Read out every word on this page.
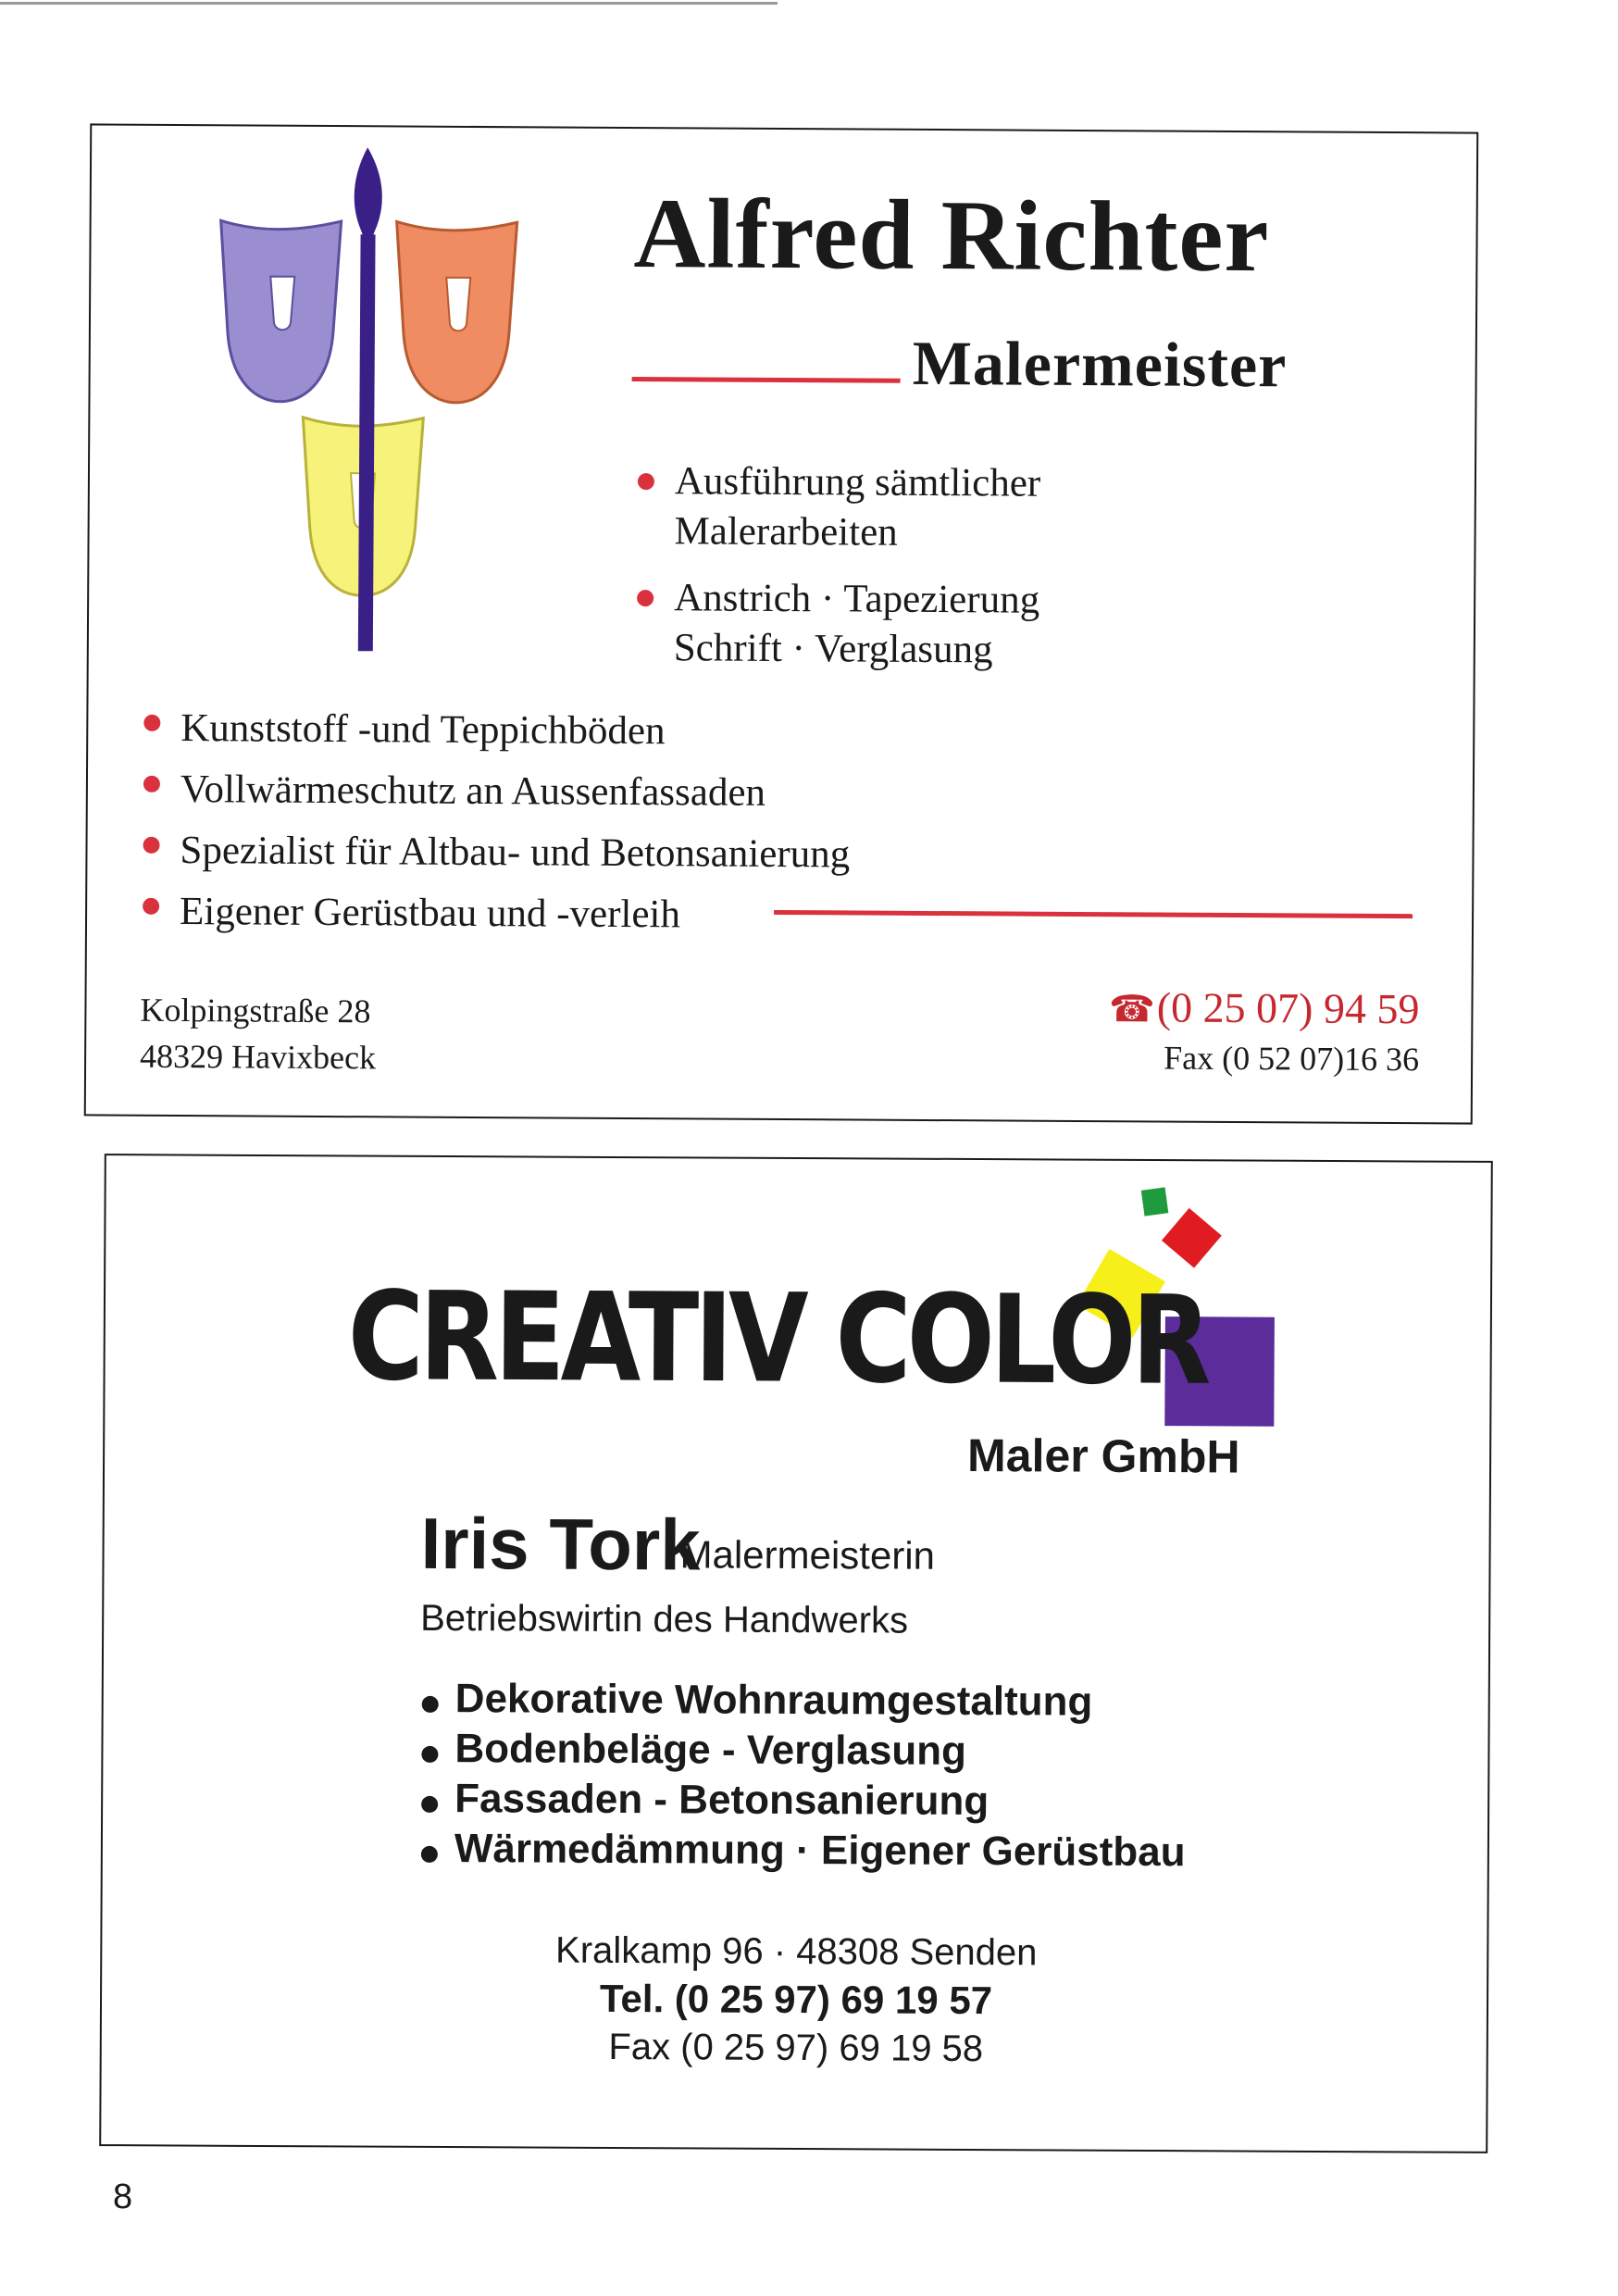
Alfred Richter
Malermeister
Ausführung sämtlicher
Malerarbeiten
Anstrich · Tapezierung
Schrift · Verglasung
Kunststoff -und Teppichböden
Vollwärmeschutz an Aussenfassaden
Spezialist für Altbau- und Betonsanierung
Eigener Gerüstbau und -verleih
Kolpingstraße 28
48329 Havixbeck
☎(0 25 07) 94 59
Fax (0 52 07)16 36
CREATIV COLOR
Maler GmbH
Iris Tork
Malermeisterin
Betriebswirtin des Handwerks
Dekorative Wohnraumgestaltung
Bodenbeläge - Verglasung
Fassaden - Betonsanierung
Wärmedämmung · Eigener Gerüstbau
Kralkamp 96 · 48308 Senden
Tel. (0 25 97) 69 19 57
Fax (0 25 97) 69 19 58
8
